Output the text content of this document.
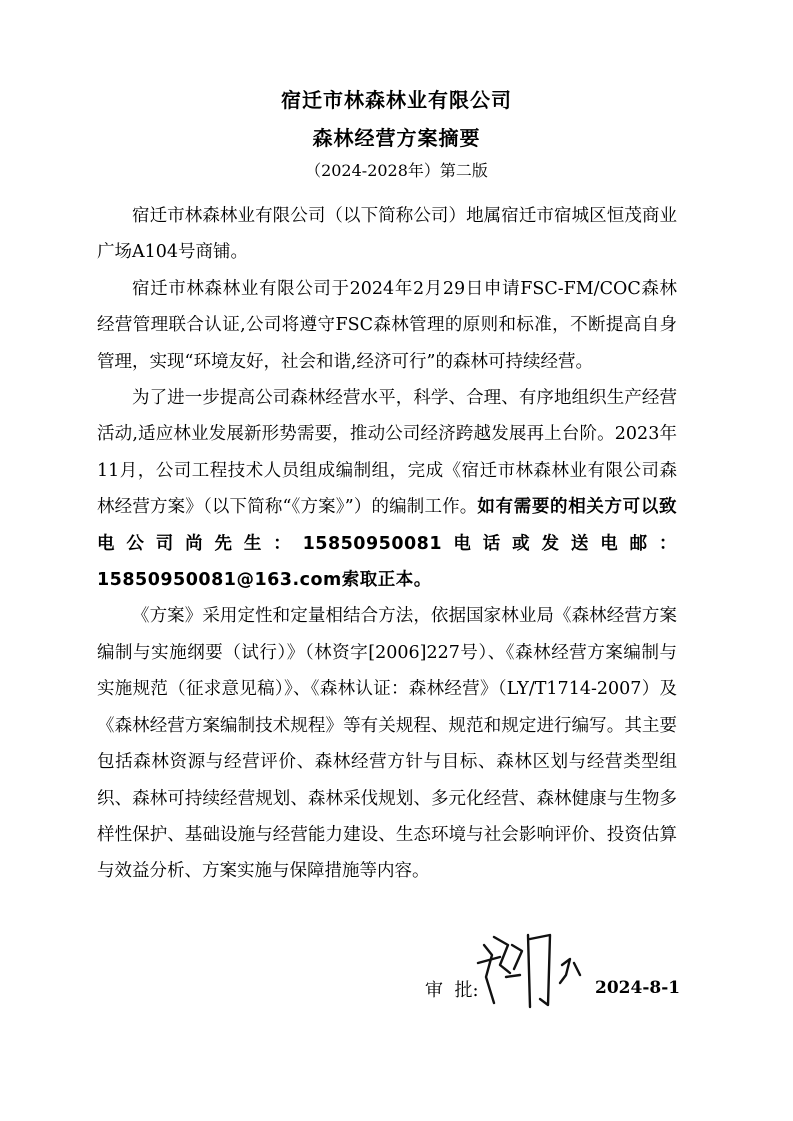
宿迁市林森林业有限公司
森林经营方案摘要
（2024-2028年）第二版

宿迁市林森林业有限公司（以下简称公司）地属宿迁市宿城区恒茂商业广场A104号商铺。

宿迁市林森林业有限公司于2024年2月29日申请FSC-FM/COC森林经营管理联合认证,公司将遵守FSC森林管理的原则和标准，不断提高自身管理，实现“环境友好，社会和谐,经济可行”的森林可持续经营。

为了进一步提高公司森林经营水平，科学、合理、有序地组织生产经营活动,适应林业发展新形势需要，推动公司经济跨越发展再上台阶。2023年11月，公司工程技术人员组成编制组，完成《宿迁市林森林业有限公司森林经营方案》（以下简称“《方案》”）的编制工作。如有需要的相关方可以致电公司尚先生：15850950081电话或发送电邮：15850950081@163.com索取正本。

《方案》采用定性和定量相结合方法，依据国家林业局《森林经营方案编制与实施纲要（试行）》（林资字[2006]227号）、《森林经营方案编制与实施规范（征求意见稿）》、《森林认证：森林经营》（LY/T1714-2007）及《森林经营方案编制技术规程》等有关规程、规范和规定进行编写。其主要包括森林资源与经营评价、森林经营方针与目标、森林区划与经营类型组织、森林可持续经营规划、森林采伐规划、多元化经营、森林健康与生物多样性保护、基础设施与经营能力建设、生态环境与社会影响评价、投资估算与效益分析、方案实施与保障措施等内容。

审  批:	2024-8-1
